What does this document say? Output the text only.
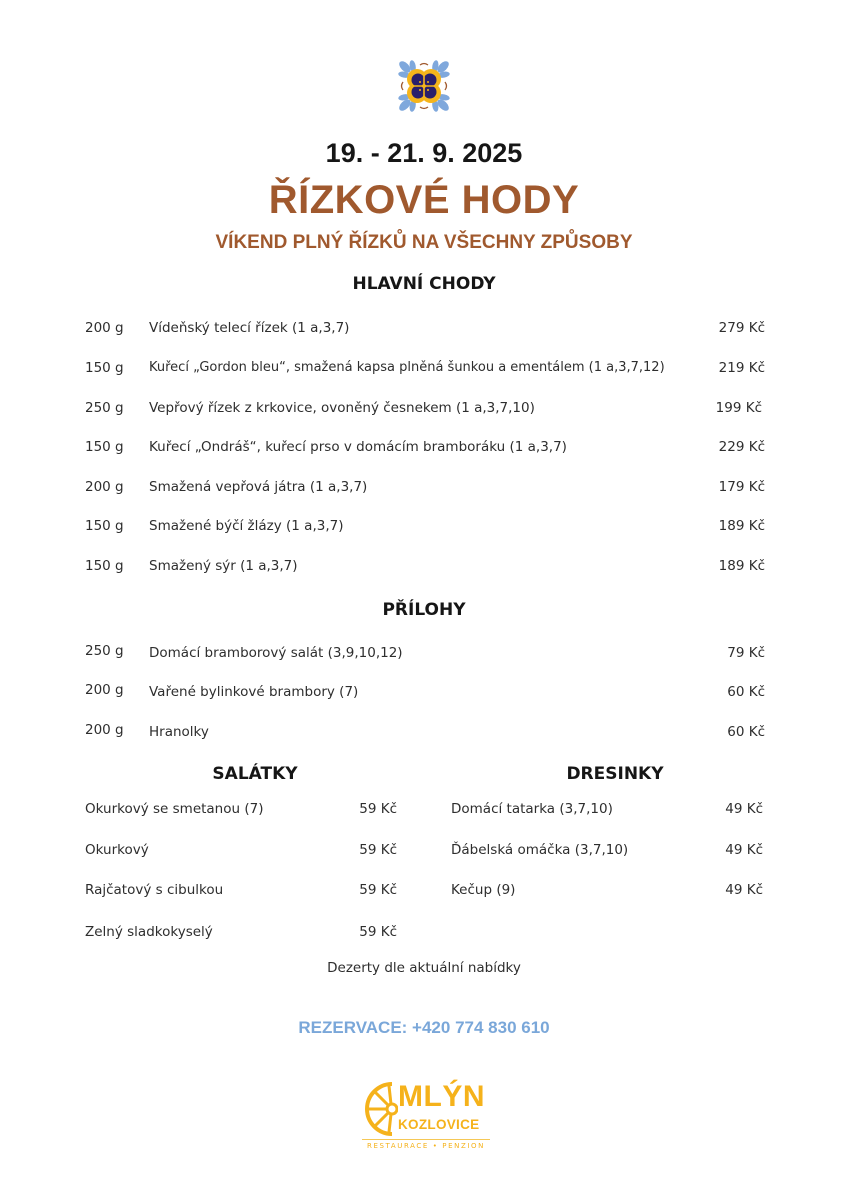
19. - 21. 9. 2025
ŘÍZKOVÉ HODY
VÍKEND PLNÝ ŘÍZKŮ NA VŠECHNY ZPŮSOBY
HLAVNÍ CHODY
200 g Vídeňský telecí řízek (1 a,3,7)	279 Kč
150 g Kuřecí „Gordon bleu“, smažená kapsa plněná šunkou a ementálem (1 a,3,7,12)	219 Kč
250 g Vepřový řízek z krkovice, ovoněný česnekem (1 a,3,7,10)	199 Kč
150 g Kuřecí „Ondráš“, kuřecí prso v domácím bramboráku (1 a,3,7)	229 Kč
200 g Smažená vepřová játra (1 a,3,7)	179 Kč
150 g Smažené býčí žlázy (1 a,3,7)	189 Kč
150 g Smažený sýr (1 a,3,7)	189 Kč
PŘÍLOHY
250 g Domácí bramborový salát (3,9,10,12)	79 Kč
200 g Vařené bylinkové brambory (7)	60 Kč
200 g Hranolky	60 Kč
SALÁTKY
Okurkový se smetanou (7)	59 Kč
Okurkový	59 Kč
Rajčatový s cibulkou	59 Kč
Zelný sladkokyselý	59 Kč
DRESINKY
Domácí tatarka (3,7,10)	49 Kč
Ďábelská omáčka (3,7,10)	49 Kč
Kečup (9)	49 Kč
Dezerty dle aktuální nabídky
REZERVACE: +420 774 830 610
MLÝN
KOZLOVICE
RESTAURACE • PENZION
